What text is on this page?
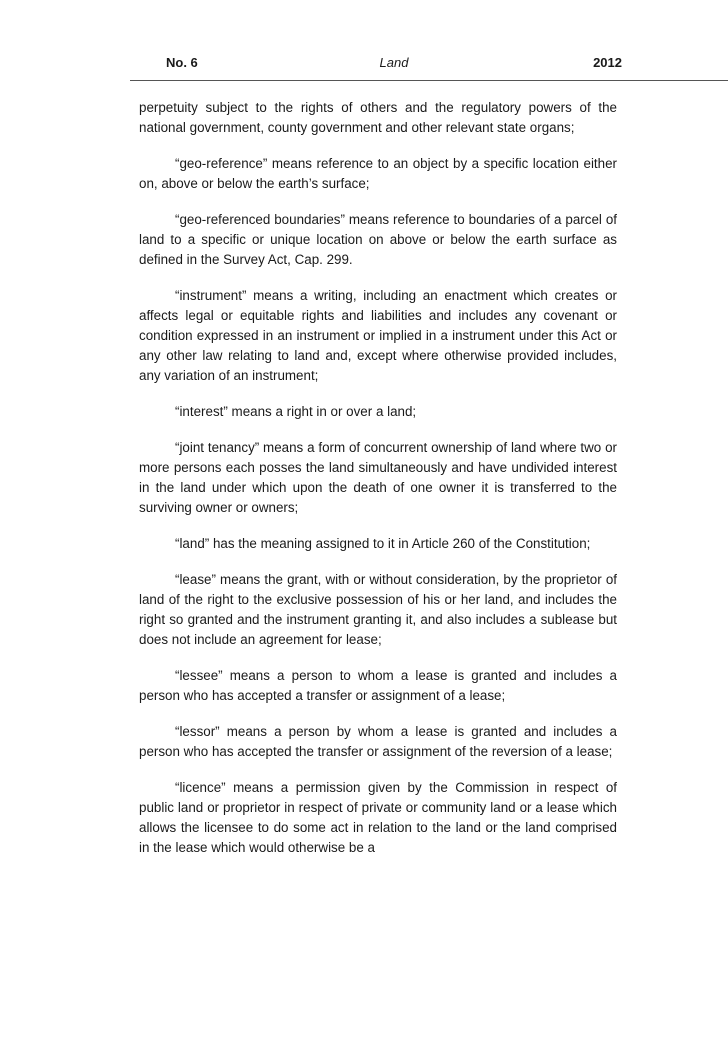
No. 6	Land	2012

perpetuity subject to the rights of others and the regulatory powers of the national government, county government and other relevant state organs;

“geo-reference” means reference to an object by a specific location either on, above or below the earth’s surface;

“geo-referenced boundaries” means reference to boundaries of a parcel of land to a specific or unique location on above or below the earth surface as defined in the Survey Act, Cap. 299.

“instrument” means a writing, including an enactment which creates or affects legal or equitable rights and liabilities and includes any covenant or condition expressed in an instrument or implied in a instrument under this Act or any other law relating to land and, except where otherwise provided includes, any variation of an instrument;

“interest” means a right in or over a land;

“joint tenancy” means a form of concurrent ownership of land where two or more persons each posses the land simultaneously and have undivided interest in the land under which upon the death of one owner it is transferred to the surviving owner or owners;

“land” has the meaning assigned to it in Article 260 of the Constitution;

“lease” means the grant, with or without consideration, by the proprietor of land of the right to the exclusive possession of his or her land, and includes the right so granted and the instrument granting it, and also includes a sublease but does not include an agreement for lease;

“lessee” means a person to whom a lease is granted and includes a person who has accepted a transfer or assignment of a lease;

“lessor” means a person by whom a lease is granted and includes a person who has accepted the transfer or assignment of the reversion of a lease;

“licence” means a permission given by the Commission in respect of public land or proprietor in respect of private or community land or a lease which allows the licensee to do some act in relation to the land or the land comprised in the lease which would otherwise be a
